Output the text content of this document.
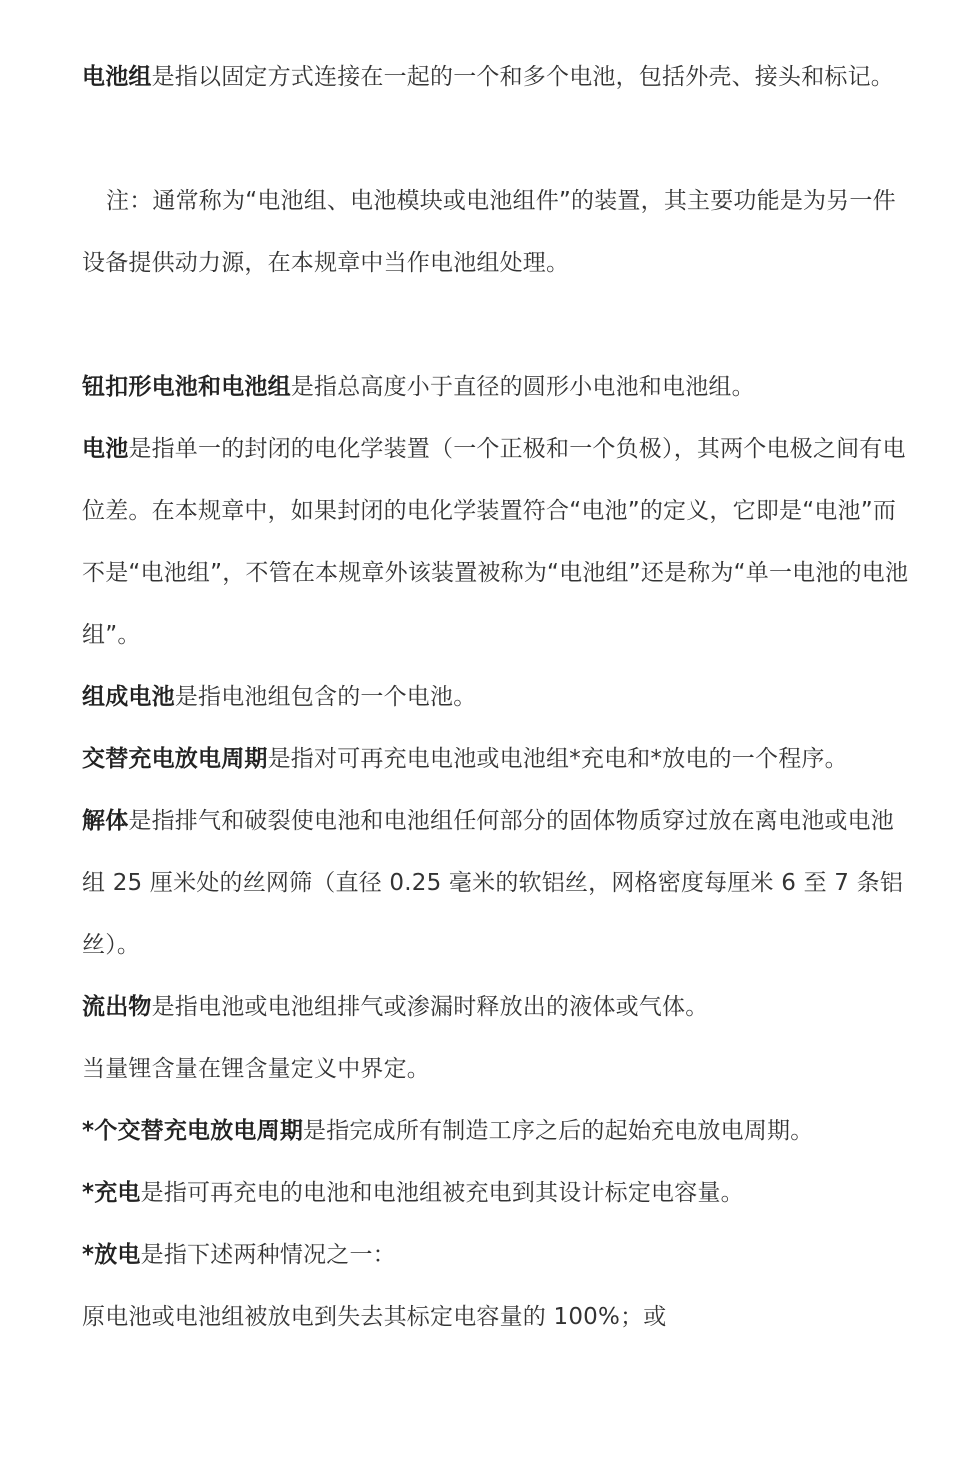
电池组是指以固定方式连接在一起的一个和多个电池，包括外壳、接头和标记。

注：通常称为“电池组、电池模块或电池组件”的装置，其主要功能是为另一件设备提供动力源，在本规章中当作电池组处理。

钮扣形电池和电池组是指总高度小于直径的圆形小电池和电池组。

电池是指单一的封闭的电化学装置（一个正极和一个负极），其两个电极之间有电位差。在本规章中，如果封闭的电化学装置符合“电池”的定义，它即是“电池”而不是“电池组”，不管在本规章外该装置被称为“电池组”还是称为“单一电池的电池组”。

组成电池是指电池组包含的一个电池。

交替充电放电周期是指对可再充电电池或电池组*充电和*放电的一个程序。

解体是指排气和破裂使电池和电池组任何部分的固体物质穿过放在离电池或电池组 25 厘米处的丝网筛（直径 0.25 毫米的软铝丝，网格密度每厘米 6 至 7 条铝丝）。

流出物是指电池或电池组排气或渗漏时释放出的液体或气体。

当量锂含量在锂含量定义中界定。

*个交替充电放电周期是指完成所有制造工序之后的起始充电放电周期。

*充电是指可再充电的电池和电池组被充电到其设计标定电容量。

*放电是指下述两种情况之一：

原电池或电池组被放电到失去其标定电容量的 100%；或
